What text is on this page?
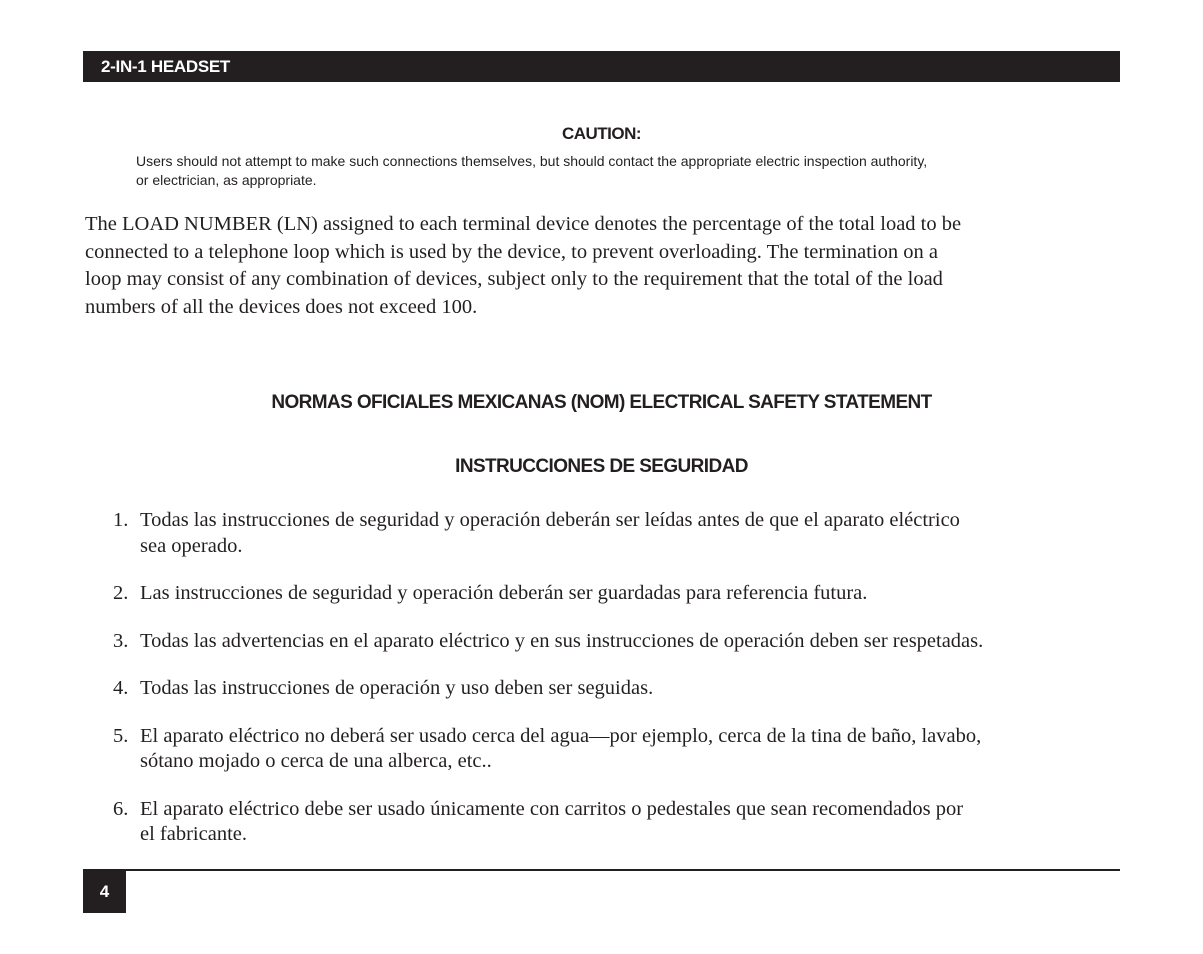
2-IN-1 HEADSET
CAUTION:
Users should not attempt to make such connections themselves, but should contact the appropriate electric inspection authority,
or electrician, as appropriate.
The LOAD NUMBER (LN) assigned to each terminal device denotes the percentage of the total load to be
connected to a telephone loop which is used by the device, to prevent overloading. The termination on a
loop may consist of any combination of devices, subject only to the requirement that the total of the load
numbers of all the devices does not exceed 100.
NORMAS OFICIALES MEXICANAS (NOM) ELECTRICAL SAFETY STATEMENT
INSTRUCCIONES DE SEGURIDAD
1. Todas las instrucciones de seguridad y operación deberán ser leídas antes de que el aparato eléctrico
sea operado.
2. Las instrucciones de seguridad y operación deberán ser guardadas para referencia futura.
3. Todas las advertencias en el aparato eléctrico y en sus instrucciones de operación deben ser respetadas.
4. Todas las instrucciones de operación y uso deben ser seguidas.
5. El aparato eléctrico no deberá ser usado cerca del agua—por ejemplo, cerca de la tina de baño, lavabo,
sótano mojado o cerca de una alberca, etc..
6. El aparato eléctrico debe ser usado únicamente con carritos o pedestales que sean recomendados por
el fabricante.
4
